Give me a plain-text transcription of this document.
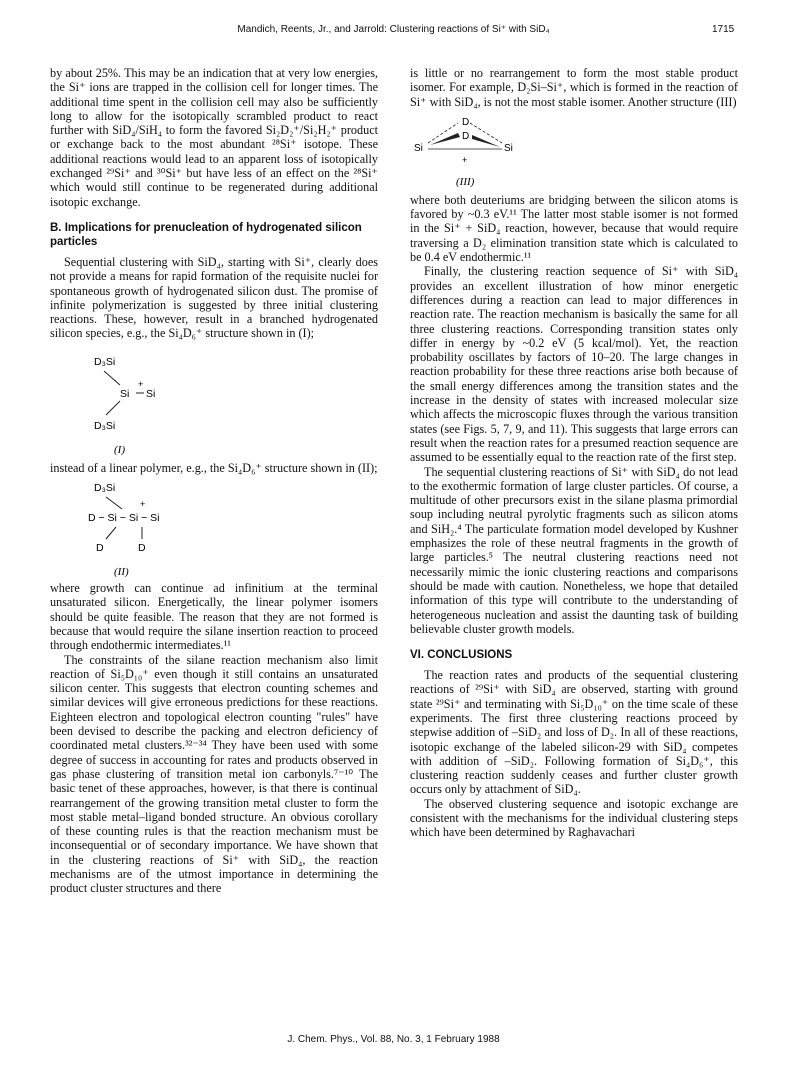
Mandich, Reents, Jr., and Jarrold: Clustering reactions of Si⁺ with SiD₄	1715

by about 25%. This may be an indication that at very low energies, the Si⁺ ions are trapped in the collision cell for longer times. The additional time spent in the collision cell may also be sufficiently long to allow for the isotopically scrambled product to react further with SiD₄/SiH₄ to form the favored Si₂D₂⁺/Si₂H₂⁺ product or exchange back to the most abundant ²⁸Si⁺ isotope. These additional reactions would lead to an apparent loss of isotopically exchanged ²⁹Si⁺ and ³⁰Si⁺ but have less of an effect on the ²⁸Si⁺ which would still continue to be regenerated during additional isotopic exchange.

B. Implications for prenucleation of hydrogenated silicon particles

Sequential clustering with SiD₄, starting with Si⁺, clearly does not provide a means for rapid formation of the requisite nuclei for spontaneous growth of hydrogenated silicon dust. The promise of infinite polymerization is suggested by three initial clustering reactions. These, however, result in a branched hydrogenated silicon species, e.g., the Si₄D₆⁺ structure shown in (I);

D₃Si
Si
+
Si
D₃Si
(I)

instead of a linear polymer, e.g., the Si₄D₆⁺ structure shown in (II);

D₃Si
+
D − Si − Si − Si
D	D
(II)

where growth can continue ad infinitium at the terminal unsaturated silicon. Energetically, the linear polymer isomers should be quite feasible. The reason that they are not formed is because that would require the silane insertion reaction to proceed through endothermic intermediates.¹¹

The constraints of the silane reaction mechanism also limit reaction of Si₅D₁₀⁺ even though it still contains an unsaturated silicon center. This suggests that electron counting schemes and similar devices will give erroneous predictions for these reactions. Eighteen electron and topological electron counting "rules" have been devised to describe the packing and electron deficiency of coordinated metal clusters.³²⁻³⁴ They have been used with some degree of success in accounting for rates and products observed in gas phase clustering of transition metal ion carbonyls.⁷⁻¹⁰ The basic tenet of these approaches, however, is that there is continual rearrangement of the growing transition metal cluster to form the most stable metal–ligand bonded structure. An obvious corollary of these counting rules is that the reaction mechanism must be inconsequential or of secondary importance. We have shown that in the clustering reactions of Si⁺ with SiD₄, the reaction mechanisms are of the utmost importance in determining the product cluster structures and there

is little or no rearrangement to form the most stable product isomer. For example, D₂Si–Si⁺, which is formed in the reaction of Si⁺ with SiD₄, is not the most stable isomer. Another structure (III)

D
D
Si	Si
+
(III)

where both deuteriums are bridging between the silicon atoms is favored by ~0.3 eV.¹¹ The latter most stable isomer is not formed in the Si⁺ + SiD₄ reaction, however, because that would require traversing a D₂ elimination transition state which is calculated to be 0.4 eV endothermic.¹¹

Finally, the clustering reaction sequence of Si⁺ with SiD₄ provides an excellent illustration of how minor energetic differences during a reaction can lead to major differences in reaction rate. The reaction mechanism is basically the same for all three clustering reactions. Corresponding transition states only differ in energy by ~0.2 eV (5 kcal/mol). Yet, the reaction probability oscillates by factors of 10–20. The large changes in reaction probability for these three reactions arise both because of the small energy differences among the transition states and the increase in the density of states with increased molecular size which affects the microscopic fluxes through the various transition states (see Figs. 5, 7, 9, and 11). This suggests that large errors can result when the reaction rates for a presumed reaction sequence are assumed to be essentially equal to the reaction rate of the first step.

The sequential clustering reactions of Si⁺ with SiD₄ do not lead to the exothermic formation of large cluster particles. Of course, a multitude of other precursors exist in the silane plasma primordial soup including neutral pyrolytic fragments such as silicon atoms and SiH₂.⁴ The particulate formation model developed by Kushner emphasizes the role of these neutral fragments in the growth of large particles.⁵ The neutral clustering reactions need not necessarily mimic the ionic clustering reactions and comparisons should be made with caution. Nonetheless, we hope that detailed information of this type will contribute to the understanding of heterogeneous nucleation and assist the daunting task of building believable cluster growth models.

VI. CONCLUSIONS

The reaction rates and products of the sequential clustering reactions of ²⁹Si⁺ with SiD₄ are observed, starting with ground state ²⁹Si⁺ and terminating with Si₅D₁₀⁺ on the time scale of these experiments. The first three clustering reactions proceed by stepwise addition of –SiD₂ and loss of D₂. In all of these reactions, isotopic exchange of the labeled silicon-29 with SiD₄ competes with addition of –SiD₂. Following formation of Si₄D₆⁺, this clustering reaction suddenly ceases and further cluster growth occurs only by attachment of SiD₄.

The observed clustering sequence and isotopic exchange are consistent with the mechanisms for the individual clustering steps which have been determined by Raghavachari

J. Chem. Phys., Vol. 88, No. 3, 1 February 1988
